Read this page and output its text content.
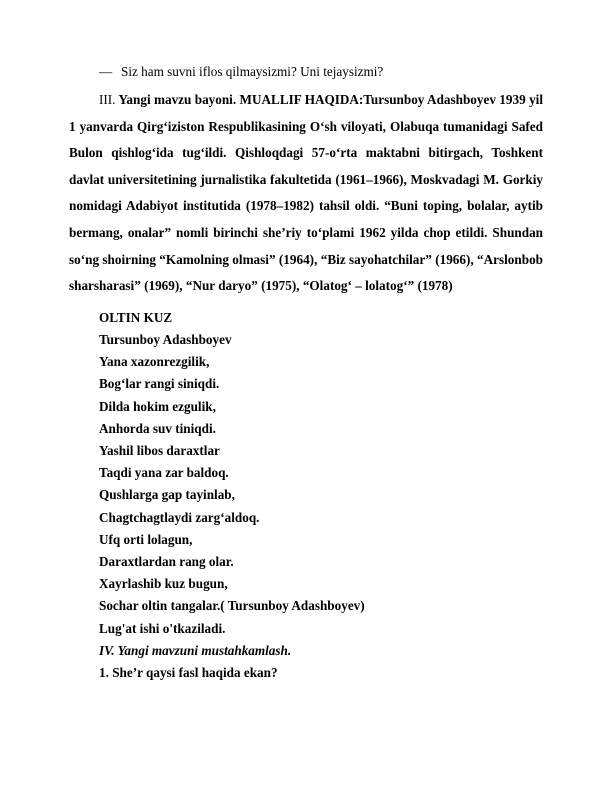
— Siz ham suvni iflos qilmaysizmi? Uni tejaysizmi?

III. Yangi mavzu bayoni. MUALLIF HAQIDA:Tursunboy Adashboyev 1939 yil 1 yanvarda Qirg‘iziston Respublikasining O‘sh viloyati, Olabuqa tumanidagi Safed Bulon qishlog‘ida tug‘ildi. Qishloqdagi 57-o‘rta maktabni bitirgach, Toshkent davlat universitetining jurnalistika fakultetida (1961–1966), Moskvadagi M. Gorkiy nomidagi Adabiyot institutida (1978–1982) tahsil oldi. “Buni toping, bolalar, aytib bermang, onalar” nomli birinchi she’riy to‘plami 1962 yilda chop etildi. Shundan so‘ng shoirning “Kamolning olmasi” (1964), “Biz sayohatchilar” (1966), “Arslonbob sharsharasi” (1969), “Nur daryo” (1975), “Olatog‘ – lolatog‘” (1978)

OLTIN KUZ
Tursunboy Adashboyev
Yana xazonrezgilik,
Bog‘lar rangi siniqdi.
Dilda hokim ezgulik,
Anhorda suv tiniqdi.
Yashil libos daraxtlar
Taqdi yana zar baldoq.
Qushlarga gap tayinlab,
Chagtchagtlaydi zarg‘aldoq.
Ufq orti lolagun,
Daraxtlardan rang olar.
Xayrlashib kuz bugun,
Sochar oltin tangalar.( Tursunboy Adashboyev)
Lug'at ishi o'tkaziladi.
IV. Yangi mavzuni mustahkamlash.
1. She’r qaysi fasl haqida ekan?
